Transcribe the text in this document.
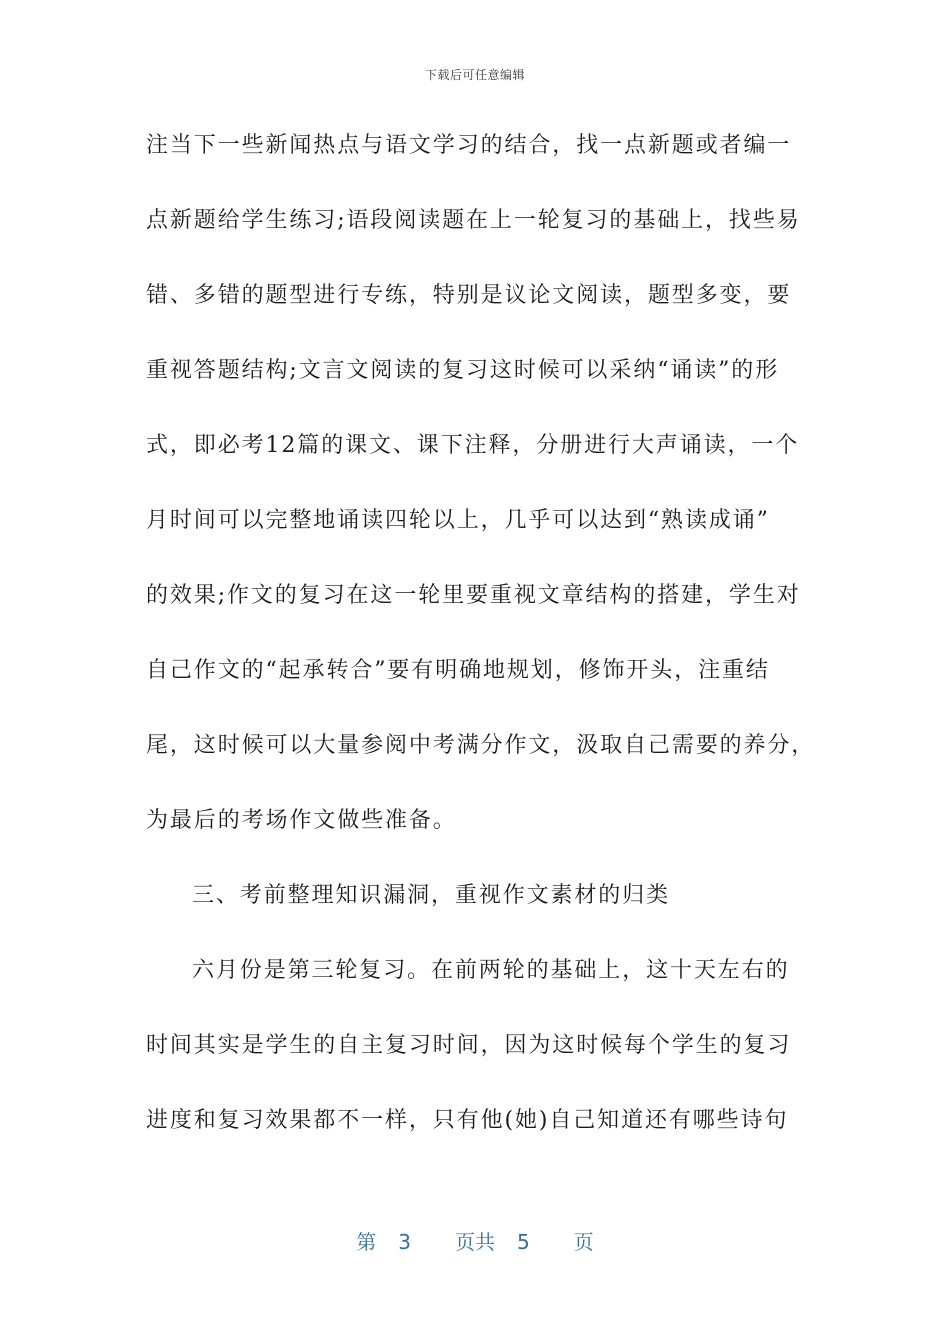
下载后可任意编辑
注当下一些新闻热点与语文学习的结合，找一点新题或者编一
点新题给学生练习;语段阅读题在上一轮复习的基础上，找些易
错、多错的题型进行专练，特别是议论文阅读，题型多变，要
重视答题结构;文言文阅读的复习这时候可以采纳“诵读”的形
式，即必考12篇的课文、课下注释，分册进行大声诵读，一个
月时间可以完整地诵读四轮以上，几乎可以达到“熟读成诵”
的效果;作文的复习在这一轮里要重视文章结构的搭建，学生对
自己作文的“起承转合”要有明确地规划，修饰开头，注重结
尾，这时候可以大量参阅中考满分作文，汲取自己需要的养分，
为最后的考场作文做些准备。
三、考前整理知识漏洞，重视作文素材的归类
六月份是第三轮复习。在前两轮的基础上，这十天左右的
时间其实是学生的自主复习时间，因为这时候每个学生的复习
进度和复习效果都不一样，只有他(她)自己知道还有哪些诗句
第 3 页共 5 页
